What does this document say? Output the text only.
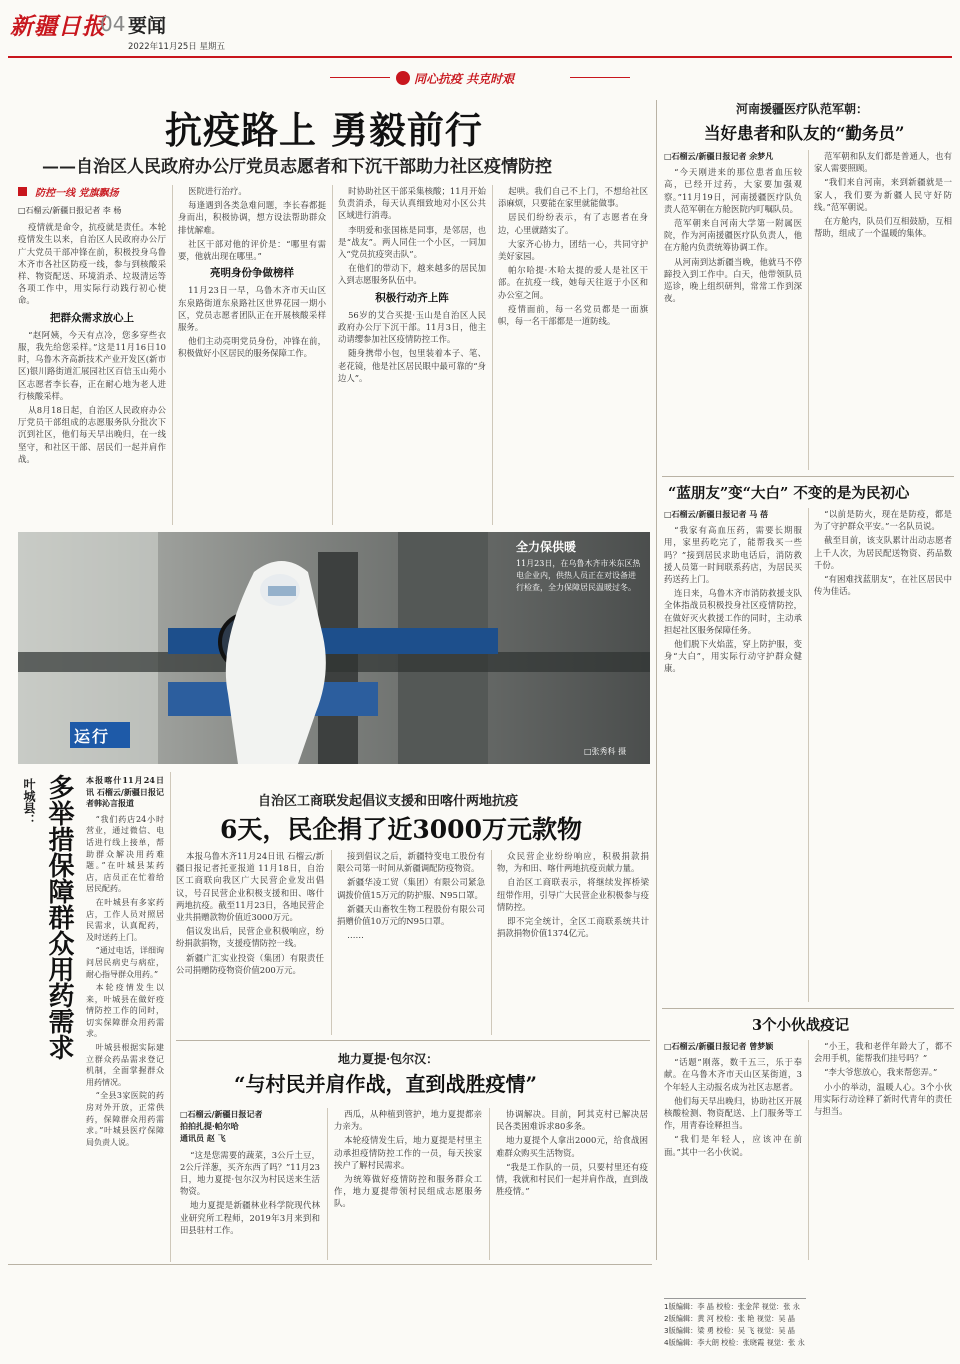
新疆日报
04 要闻
2022年11月25日 星期五
同心抗疫 共克时艰
抗疫路上 勇毅前行
——自治区人民政府办公厅党员志愿者和下沉干部助力社区疫情防控
防控一线 党旗飘扬
□石榴云/新疆日报记者 李 杨

疫情就是命令，抗疫就是责任。本轮疫情发生以来，自治区人民政府办公厅广大党员干部冲锋在前，积极投身乌鲁木齐市各社区防疫一线，参与到核酸采样、物资配送、环境消杀、垃圾清运等各项工作中，用实际行动践行初心使命。

把群众需求放心上

“赵阿姨，今天有点冷，您多穿些衣服，我先给您采样。”这是11月16日10时，乌鲁木齐高新技术产业开发区(新市区)银川路街道汇展园社区百信玉山苑小区志愿者李长春，正在耐心地为老人进行核酸采样。

从8月18日起，自治区人民政府办公厅党员干部组成的志愿服务队分批次下沉到社区，他们每天早出晚归，在一线坚守，和社区干部、居民们一起并肩作战。

医院进行治疗。

每逢遇到各类急难问题，李长春都挺身而出，积极协调，想方设法帮助群众排忧解难。

社区干部对他的评价是：“哪里有需要，他就出现在哪里。”

亮明身份争做榜样

11月23日一早，乌鲁木齐市天山区东泉路街道东泉路社区世界花园一期小区，党员志愿者团队正在开展核酸采样服务。

他们主动亮明党员身份，冲锋在前，积极做好小区居民的服务保障工作。

时协助社区干部采集核酸；11月开始负责消杀，每天认真细致地对小区公共区域进行消毒。

李明爱和张国栋是同事，是邻居，也是“战友”。两人同住一个小区，一同加入“党员抗疫突击队”。

在他们的带动下，越来越多的居民加入到志愿服务队伍中。

积极行动齐上阵

56岁的艾合买提·玉山是自治区人民政府办公厅下沉干部。11月3日，他主动请缨参加社区疫情防控工作。

随身携带小包，包里装着本子、笔、老花镜，他是社区居民眼中最可靠的“身边人”。

起哄。我们自己不上门，不想给社区添麻烦，只要能在家里就能做事。

居民们纷纷表示，有了志愿者在身边，心里就踏实了。

大家齐心协力，团结一心，共同守护美好家园。

帕尔哈提·木哈太提的爱人是社区干部。在抗疫一线，她每天往返于小区和办公室之间。

疫情面前，每一名党员都是一面旗帜，每一名干部都是一道防线。

运行
全力保供暖
11月23日，在乌鲁木齐市米东区热电企业内，供热人员正在对设备进行检查，全力保障居民温暖过冬。
□张秀科 摄
叶城县： 多举措保障群众用药需求 本报喀什11月24日讯 石榴云/新疆日报记者韩沁言报道

“我们药店24小时营业，通过微信、电话进行线上接单，帮助群众解决用药难题。”在叶城县某药店，店员正在忙着给居民配药。

在叶城县有多家药店，工作人员对照居民需求，认真配药，及时送药上门。

“通过电话，详细询问居民病史与病症，耐心指导群众用药。”

本轮疫情发生以来，叶城县在做好疫情防控工作的同时，切实保障群众用药需求。

叶城县根据实际建立群众药品需求登记机制，全面掌握群众用药情况。

“全县3家医院的药房对外开放，正常供药，保障群众用药需求。”叶城县医疗保障局负责人说。

自治区工商联发起倡议支援和田喀什两地抗疫
6天，民企捐了近3000万元款物

本报乌鲁木齐11月24日讯 石榴云/新疆日报记者托亚报道 11月18日，自治区工商联向我区广大民营企业发出倡议，号召民营企业积极支援和田、喀什两地抗疫。截至11月23日，各地民营企业共捐赠款物价值近3000万元。

倡议发出后，民营企业积极响应，纷纷捐款捐物，支援疫情防控一线。

新疆广汇实业投资（集团）有限责任公司捐赠防疫物资价值200万元。

接到倡议之后，新疆特变电工股份有限公司第一时间从新疆调配防疫物资。

新疆华凌工贸（集团）有限公司紧急调拨价值15万元的防护服、N95口罩。

新疆天山畜牧生物工程股份有限公司捐赠价值10万元的N95口罩。

……

众民营企业纷纷响应，积极捐款捐物，为和田、喀什两地抗疫贡献力量。

自治区工商联表示，将继续发挥桥梁纽带作用，引导广大民营企业积极参与疫情防控。

即不完全统计，全区工商联系统共计捐款捐物价值1374亿元。

地力夏提·包尔汉：
“与村民并肩作战，直到战胜疫情”
□石榴云/新疆日报记者
拍拍扎提·帕尔哈
通讯员 赵 飞

“这是您需要的蔬菜，3公斤土豆，2公斤洋葱，买齐东西了吗？”11月23日，地力夏提·包尔汉为村民送来生活物资。

地力夏提是新疆林业科学院现代林业研究所工程师，2019年3月来到和田县驻村工作。

西瓜，从种植到管护，地力夏提都亲力亲为。

本轮疫情发生后，地力夏提是村里主动承担疫情防控工作的一员，每天挨家挨户了解村民需求。

为统筹做好疫情防控和服务群众工作，地力夏提带领村民组成志愿服务队。

协调解决。目前，阿其克村已解决居民各类困难诉求80多条。

地力夏提个人拿出2000元，给食战困难群众购买生活物资。

“我是工作队的一员，只要村里还有疫情，我就和村民们一起并肩作战，直到战胜疫情。”

河南援疆医疗队范军朝：
当好患者和队友的“勤务员”
□石榴云/新疆日报记者 余梦凡

“今天刚进来的那位患者血压较高，已经开过药，大家要加强观察。”11月19日，河南援疆医疗队负责人范军朝在方舱医院内叮嘱队员。

范军朝来自河南大学第一附属医院，作为河南援疆医疗队负责人，他在方舱内负责统筹协调工作。

从河南到达新疆当晚，他就马不停蹄投入到工作中。白天，他带领队员巡诊，晚上组织研判，常常工作到深夜。

范军朝和队友们都是普通人，也有家人需要照顾。

“我们来自河南，来到新疆就是一家人，我们要为新疆人民守好防线。”范军朝说。

在方舱内，队员们互相鼓励，互相帮助，组成了一个温暖的集体。

“蓝朋友”变“大白” 不变的是为民初心
□石榴云/新疆日报记者 马 蓓

“我家有高血压药，需要长期服用，家里药吃完了，能帮我买一些吗？”接到居民求助电话后，消防救援人员第一时间联系药店，为居民买药送药上门。

连日来，乌鲁木齐市消防救援支队全体指战员积极投身社区疫情防控，在做好灭火救援工作的同时，主动承担起社区服务保障任务。

他们脱下火焰蓝，穿上防护服，变身“大白”，用实际行动守护群众健康。

“以前是防火，现在是防疫，都是为了守护群众平安。”一名队员说。

截至目前，该支队累计出动志愿者上千人次，为居民配送物资、药品数千份。

“有困难找蓝朋友”，在社区居民中传为佳话。

3个小伙战疫记
□石榴云/新疆日报记者 曾梦颖

“话题”刚落，数千五三，乐于奉献。在乌鲁木齐市天山区某街道，3个年轻人主动报名成为社区志愿者。

他们每天早出晚归，协助社区开展核酸检测、物资配送、上门服务等工作，用青春诠释担当。

“我们是年轻人，应该冲在前面。”其中一名小伙说。

“小王，我和老伴年龄大了，都不会用手机，能帮我们挂号吗？”

“李大爷您放心，我来帮您弄。”

小小的举动，温暖人心。3个小伙用实际行动诠释了新时代青年的责任与担当。

1版编辑：李 晶 校检：张金萍 视觉：张 永
2版编辑：黄 河 校检：张 艳 视觉：吴 晶
3版编辑：梁 勇 校检：吴 飞 视觉：吴 晶
4版编辑：李大朗 校检：张晓霞 视觉：张 永
